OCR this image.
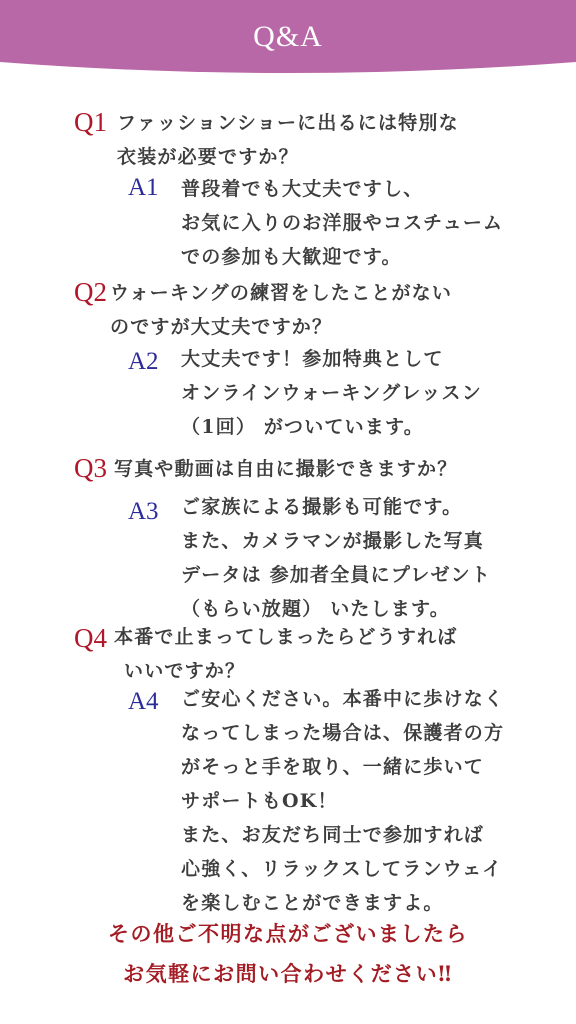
Q&A
Q1 ファッションショーに出るには特別な
衣装が必要ですか？
A1 普段着でも大丈夫ですし、
お気に入りのお洋服やコスチューム
での参加も大歓迎です。
Q2 ウォーキングの練習をしたことがない
のですが大丈夫ですか？
A2 大丈夫です！参加特典として
オンラインウォーキングレッスン
（1回） がついています。
Q3 写真や動画は自由に撮影できますか？
A3 ご家族による撮影も可能です。
また、カメラマンが撮影した写真
データは 参加者全員にプレゼント
（もらい放題） いたします。
Q4 本番で止まってしまったらどうすれば
いいですか？
A4 ご安心ください。本番中に歩けなく
なってしまった場合は、保護者の方
がそっと手を取り、一緒に歩いて
サポートもOK！
また、お友だち同士で参加すれば
心強く、リラックスしてランウェイ
を楽しむことができますよ。
その他ご不明な点がございましたら
お気軽にお問い合わせください‼
